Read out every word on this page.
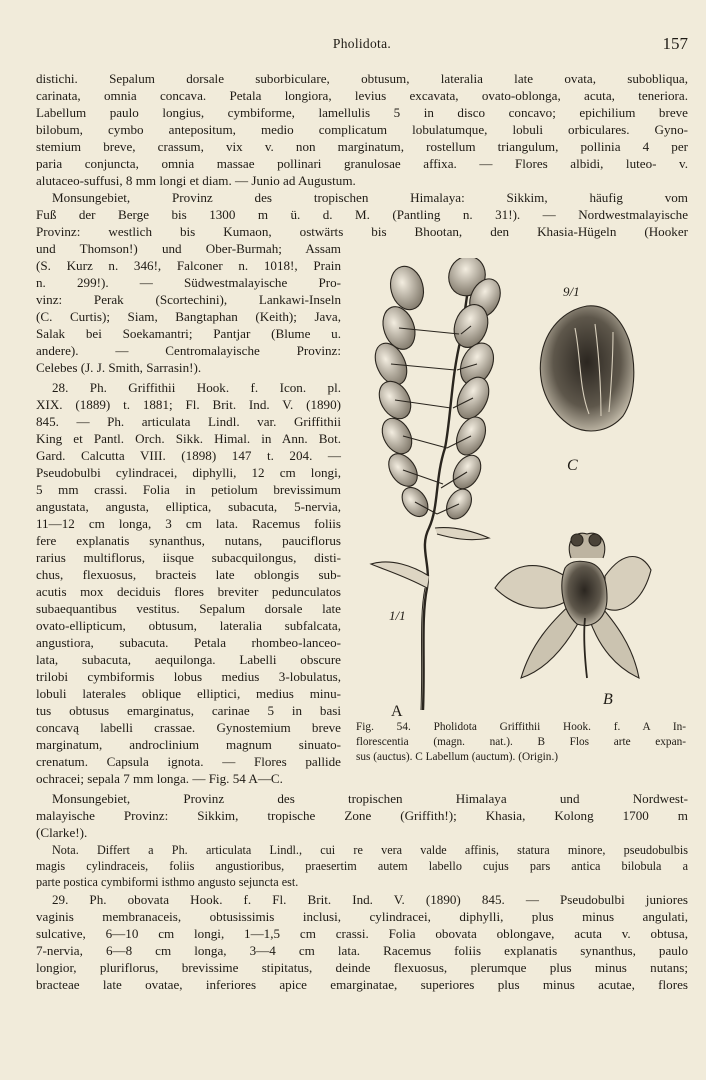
Pholidota.	157
distichi. Sepalum dorsale suborbiculare, obtusum, lateralia late ovata, subobliqua,
carinata, omnia concava. Petala longiora, levius excavata, ovato-oblonga, acuta, teneriora.
Labellum paulo longius, cymbiforme, lamellulis 5 in disco concavo; epichilium breve
bilobum, cymbo antepositum, medio complicatum lobulatumque, lobuli orbiculares. Gyno-
stemium breve, crassum, vix v. non marginatum, rostellum triangulum, pollinia 4 per
paria conjuncta, omnia massae pollinari granulosae affixa. — Flores albidi, luteo- v.
alutaceo-suffusi, 8 mm longi et diam. — Junio ad Augustum.
Monsungebiet, Provinz des tropischen Himalaya: Sikkim, häufig vom
Fuß der Berge bis 1300 m ü. d. M. (Pantling n. 31!). — Nordwestmalayische
Provinz: westlich bis Kumaon, ostwärts bis Bhootan, den Khasia-Hügeln (Hooker
und Thomson!) und Ober-Burmah; Assam
(S. Kurz n. 346!, Falconer n. 1018!, Prain
n. 299!). — Südwestmalayische Pro-
vinz: Perak (Scortechini), Lankawi-Inseln
(C. Curtis); Siam, Bangtaphan (Keith); Java,
Salak bei Soekamantri; Pantjar (Blume u.
andere). — Centromalayische Provinz:
Celebes (J. J. Smith, Sarrasin!).
28. Ph. Griffithii Hook. f. Icon. pl.
XIX. (1889) t. 1881; Fl. Brit. Ind. V. (1890)
845. — Ph. articulata Lindl. var. Griffithii
King et Pantl. Orch. Sikk. Himal. in Ann. Bot.
Gard. Calcutta VIII. (1898) 147 t. 204. —
Pseudobulbi cylindracei, diphylli, 12 cm longi,
5 mm crassi. Folia in petiolum brevissimum
angustata, angusta, elliptica, subacuta, 5-nervia,
11—12 cm longa, 3 cm lata. Racemus foliis
fere explanatis synanthus, nutans, pauciflorus
rarius multiflorus, iisque subacquilongus, disti-
chus, flexuosus, bracteis late oblongis sub-
acutis mox deciduis flores breviter pedunculatos
subaequantibus vestitus. Sepalum dorsale late
ovato-ellipticum, obtusum, lateralia subfalcata,
angustiora, subacuta. Petala rhombeo-lanceo-
lata, subacuta, aequilonga. Labelli obscure
trilobi cymbiformis lobus medius 3-lobulatus,
lobuli laterales oblique elliptici, medius minu-
tus obtusus emarginatus, carinae 5 in basi
concavą labelli crassae. Gynostemium breve
marginatum, androclinium magnum sinuato-
crenatum. Capsula ignota. — Flores pallide
ochracei; sepala 7 mm longa. — Fig. 54 A—C.
Monsungebiet, Provinz des tropischen Himalaya und Nordwest-
malayische Provinz: Sikkim, tropische Zone (Griffith!); Khasia, Kolong 1700 m
(Clarke!).
Nota. Differt a Ph. articulata Lindl., cui re vera valde affinis, statura minore, pseudobulbis
magis cylindraceis, foliis angustioribus, praesertim autem labello cujus pars antica bilobula a
parte postica cymbiformi isthmo angusto sejuncta est.
29. Ph. obovata Hook. f. Fl. Brit. Ind. V. (1890) 845. — Pseudobulbi juniores
vaginis membranaceis, obtusissimis inclusi, cylindracei, diphylli, plus minus angulati,
sulcative, 6—10 cm longi, 1—1,5 cm crassi. Folia obovata oblongave, acuta v. obtusa,
7-nervia, 6—8 cm longa, 3—4 cm lata. Racemus foliis explanatis synanthus, paulo
longior, pluriflorus, brevissime stipitatus, deinde flexuosus, plerumque plus minus nutans;
bracteae late ovatae, inferiores apice emarginatae, superiores plus minus acutae, flores
A
B
C
1/1
9/1
Fig. 54. Pholidota Griffithii Hook. f. A In-
florescentia (magn. nat.). B Flos arte expan-
sus (auctus). C Labellum (auctum). (Origin.)
